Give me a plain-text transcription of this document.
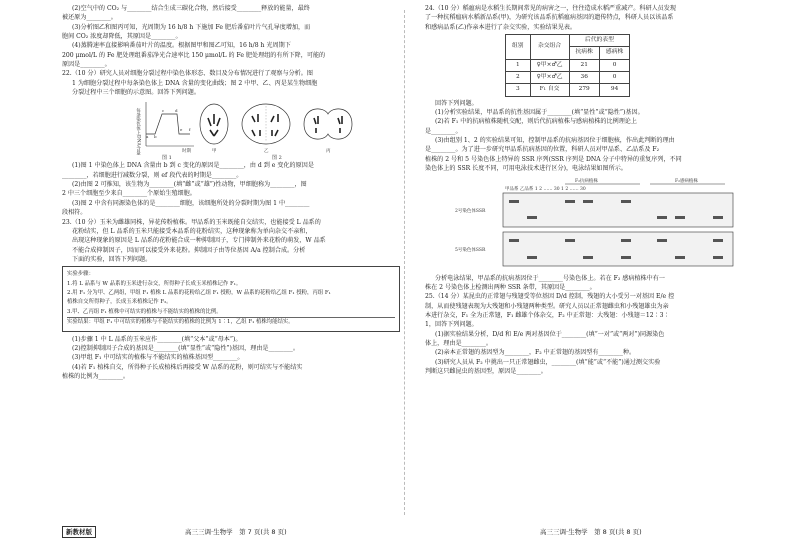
(2)空气中的 CO₂ 与________结合生成三碳化合物，然后接受________释放的能量，最终
被还原为________。
(3)分析图乙和图丙可知，光周期为 16 h/8 h 下施加 Fe 肥后番茄叶片气孔导度增加，而
胞间 CO₂ 浓度却降低，其原因是________。
(4)蒸腾速率直接影响番茄叶片的温度。根据图甲和图乙可知，16 h/8 h 光周期下
200 μmol/L 的 Fe 肥处理组番茄净光合速率比 150 μmol/L 的 Fe 肥处理组的有所下降，可能的
原因是________。
22.（10 分）研究人员对细胞分裂过程中染色体形态、数目及分布情况进行了观察与分析。图
1 为细胞分裂过程中每条染色体上 DNA 含量的变化曲线；图 2 中甲、乙、丙是某生物细胞
分裂过程中三个细胞的示意图。回答下列问题。
每条染色体上DNA含量 a b
c	d
e f
时期
图 1
甲	乙	丙
图 2
(1)图 1 中染色体上 DNA 含量由 b 到 c 变化的原因是________，由 d 到 e 变化的原因是
________，若细胞进行减数分裂，则 ef 段代表的时期是________。
(2)由图 2 可推知，该生物为________(填“雌”或“雄”)性动物，甲细胞称为________，图
2 中三个细胞至少来自________个原始生殖细胞。
(3)图 2 中含有同源染色体的是________细胞，该细胞所处的分裂时期为图 1 中________
段相符。
23.（10 分）玉米为雌雄同株，异花传粉植株。甲品系的玉米既能自交结实，也能接受 L 品系的
花粉结实，但 L 品系的玉米只能接受本品系的花粉结实，这种现象称为单向杂交不亲和，
出现这种现象的原因是 L 品系的花粉能合成一种抑制因子，专门抑制外来花粉的萌发，W 品系
不能合成抑制因子，因而可以接受外来花粉。抑制因子由等位基因 A/a 控制合成。分析
下面的实验，回答下列问题。
实验步骤：
1.将 L 品系与 W 品系的玉米进行杂交，所得种子长成玉米植株记作 F₁。
2.用 F₁ 分为甲、乙两组，甲组 F₁ 植株 L 品系的花粉给乙组 F₁ 授粉，W 品系的花粉给乙组 F₁ 授粉，丙组 F₁
植株自交所得种子，长成玉米植株记作 F₂。
3.甲、乙丙组 F₁ 植株中可结实的植株与不能结实的植株的比例。
实验结果：甲组 F₁ 中可结实的植株与不能结实的植株的比例为 1∶1，乙组 F₁ 植株均能结实。
(1)步骤 1 中 L 品系的玉米应作________(填“父本”或“母本”)。
(2)控制抑制因子合成的基因是________(填“显性”或“隐性”)基因，理由是________。
(3)甲组 F₁ 中可结实的植株与不能结实的植株基因型________。
(4)若 F₁ 植株自交，所得种子长成植株后再接受 W 品系的花粉，则可结实与不能结实
植株的比例为________。
24.（10 分）稻瘟病是水稻生长期间常见的病害之一，往往造成水稻严重减产。科研人员发现
了一种抗稻瘟病水稻新品系(甲)，为研究该品系抗稻瘟病基因的遗传特点，科研人员以该品系
和感病品系(乙)作亲本进行了杂交实验，实验结果见表。
组别	杂交组合	后代的表型	
		抗病株	感病株
1	♀甲×♂乙	21	0
2	♀甲×♂乙	36	0
3	F₁ 自交	279	94
回答下列问题。
(1)分析实验结果，甲品系的抗性基因属于________(填“显性”或“隐性”)基因。
(2)若 F₁ 中的抗病植株随机交配，则后代抗病植株与感病植株的比例理论上
是________。
(3)由组别 1、2 的实验结果可知，控制甲品系的抗病基因位于细胞核，作出此判断的理由
是________。为了进一步研究甲品系抗病基因的位置，科研人员对甲品系、乙品系及 F₂
植株的 2 号和 5 号染色体上特异的 SSR 序列(SSR 序列是 DNA 分子中特异的重复序列，不同
染色体上的 SSR 长度不同，可用电泳技术进行区分)，电泳结果如图所示。
F₂抗病植株	F₂感病植株
甲品系 乙品系 1 2 …… 30 1 2 …… 30
2号染色体SSR
5号染色体SSR
分析电泳结果，甲品系的抗病基因位于________号染色体上。若在 F₂ 感病植株中有一
株在 2 号染色体上检测出两种 SSR 条带，其原因是________。
25.（14 分）某昆虫的正常翅与残翅受等位基因 D/d 控制，残翅的大小受另一对基因 E/e 控
制，从而使残翅表现为大残翅和小残翅两种类型。研究人员以正常翅雌虫和小残翅雄虫为亲
本进行杂交，F₁ 全为正常翅，F₁ 雌雄个体杂交，F₂ 中正常翅：大残翅：小残翅＝12∶3∶
1，回答下列问题。
(1)据实验结果分析，D/d 和 E/e 两对基因位于________(填“一对”或“两对”)同源染色
体上，理由是________。
(2)亲本正常翅的基因型为________，F₂ 中正常翅的基因型有________种。
(3)研究人员从 F₂ 中挑出一只正常翅雌虫，________(填“能”或“不能”)通过测交实验
判断这只雌昆虫的基因型，原因是________。
新教材版	高三三调·生物学　第 7 页(共 8 页)	高三三调·生物学　第 8 页(共 8 页)
